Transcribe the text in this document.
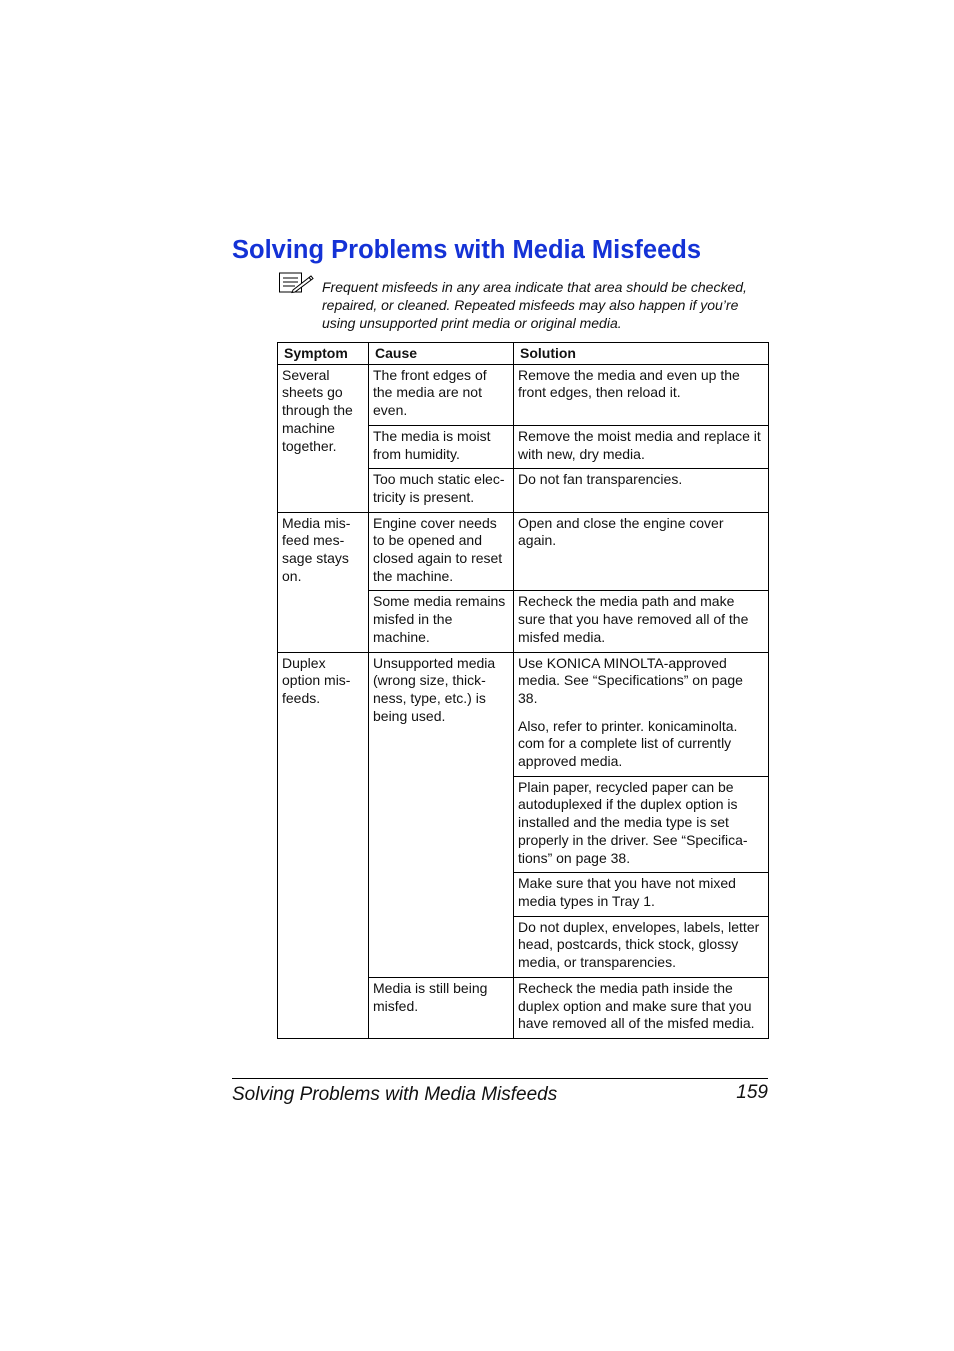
Solving Problems with Media Misfeeds
Frequent misfeeds in any area indicate that area should be checked, repaired, or cleaned. Repeated misfeeds may also happen if you’re using unsupported print media or original media.
Symptom	Cause	Solution
Several sheets go through the machine together.	The front edges of the media are not even.	Remove the media and even up the front edges, then reload it.
	The media is moist from humidity.	Remove the moist media and replace it with new, dry media.
	Too much static elec-tricity is present.	Do not fan transparencies.
Media mis-feed mes-sage stays on.	Engine cover needs to be opened and closed again to reset the machine.	Open and close the engine cover again.
	Some media remains misfed in the machine.	Recheck the media path and make sure that you have removed all of the misfed media.
Duplex option mis-feeds.	Unsupported media (wrong size, thick-ness, type, etc.) is being used.	Use KONICA MINOLTA-approved media. See “Specifications” on page 38.
Also, refer to printer. konicaminolta. com for a complete list of currently approved media.

		Plain paper, recycled paper can be autoduplexed if the duplex option is installed and the media type is set properly in the driver. See “Specifica-tions” on page 38.
		Make sure that you have not mixed media types in Tray 1.
		Do not duplex, envelopes, labels, letter head, postcards, thick stock, glossy media, or transparencies.
	Media is still being misfed.	Recheck the media path inside the duplex option and make sure that you have removed all of the misfed media.
Solving Problems with Media Misfeeds	159
